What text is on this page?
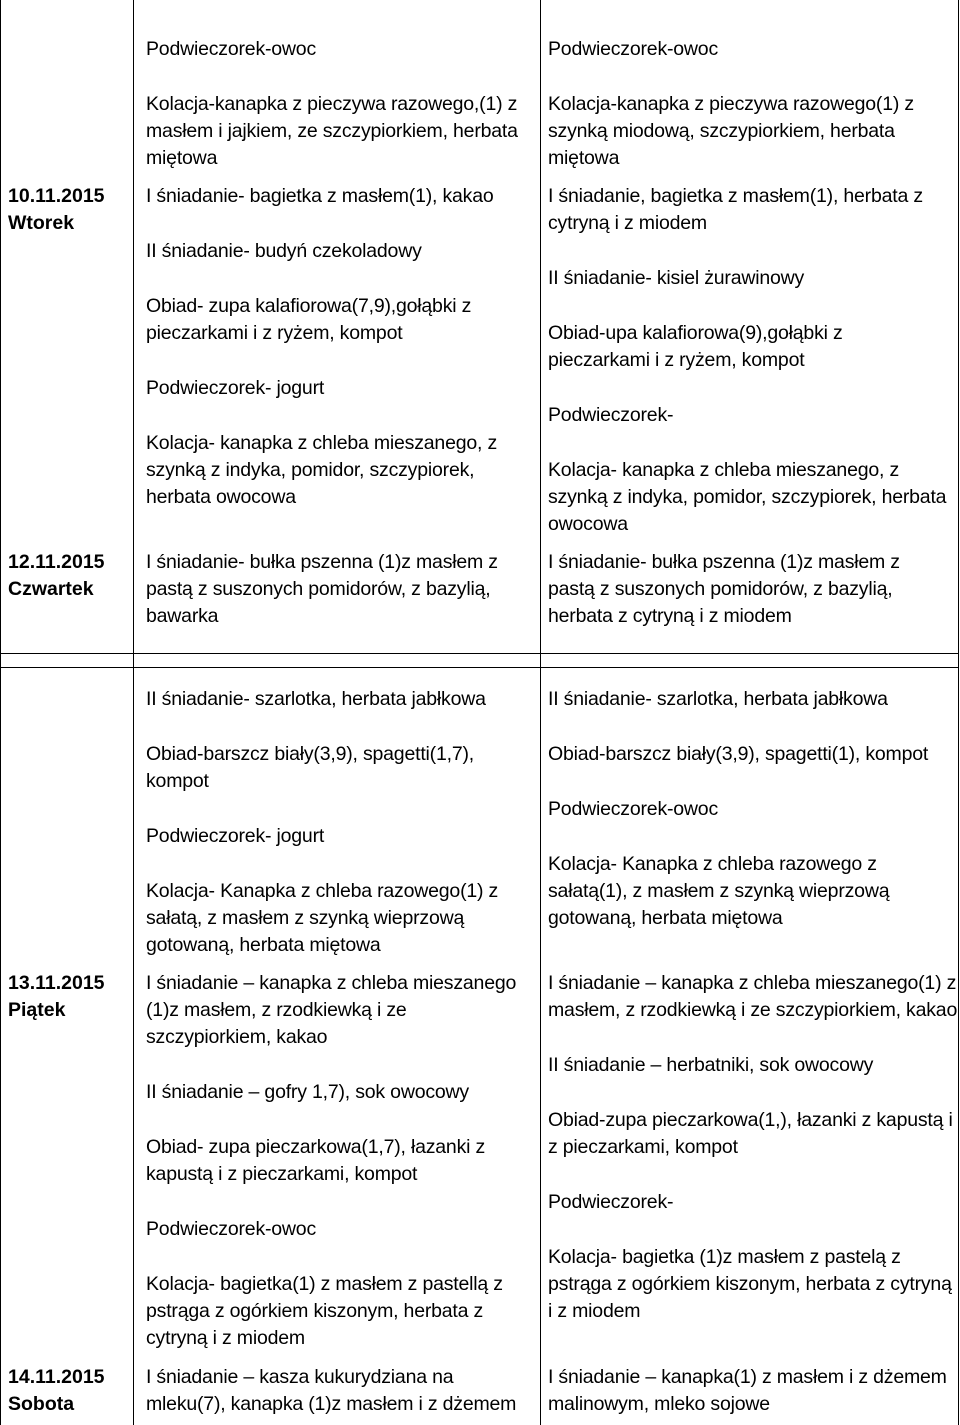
Podwieczorek-owoc

Kolacja-kanapka z pieczywa razowego,(1) z masłem i jajkiem, ze szczypiorkiem, herbata miętowa

Podwieczorek-owoc

Kolacja-kanapka z pieczywa razowego(1) z szynką miodową, szczypiorkiem, herbata miętowa

10.11.2015
Wtorek

I śniadanie- bagietka z masłem(1), kakao

II śniadanie- budyń czekoladowy

Obiad- zupa kalafiorowa(7,9),gołąbki z pieczarkami i z ryżem, kompot

Podwieczorek- jogurt

Kolacja- kanapka z chleba mieszanego, z szynką z indyka, pomidor, szczypiorek, herbata owocowa

I śniadanie, bagietka z masłem(1), herbata z cytryną i z miodem

II śniadanie- kisiel żurawinowy

Obiad-upa kalafiorowa(9),gołąbki z pieczarkami i z ryżem, kompot

Podwieczorek-

Kolacja- kanapka z chleba mieszanego, z szynką z indyka, pomidor, szczypiorek, herbata owocowa

12.11.2015
Czwartek

I śniadanie- bułka pszenna (1)z masłem z pastą z suszonych pomidorów, z bazylią, bawarka

I śniadanie- bułka pszenna (1)z masłem z pastą z suszonych pomidorów, z bazylią, herbata z cytryną i z miodem

II śniadanie- szarlotka, herbata jabłkowa

Obiad-barszcz biały(3,9), spagetti(1,7), kompot

Podwieczorek- jogurt

Kolacja- Kanapka z chleba razowego(1) z sałatą, z masłem z szynką wieprzową gotowaną, herbata miętowa

II śniadanie- szarlotka, herbata jabłkowa

Obiad-barszcz biały(3,9), spagetti(1), kompot

Podwieczorek-owoc

Kolacja- Kanapka z chleba razowego z sałatą(1), z masłem z szynką wieprzową gotowaną, herbata miętowa

13.11.2015
Piątek

I śniadanie – kanapka z chleba mieszanego (1)z masłem, z rzodkiewką i ze szczypiorkiem, kakao

II śniadanie – gofry 1,7), sok owocowy

Obiad- zupa pieczarkowa(1,7), łazanki z kapustą i z pieczarkami, kompot

Podwieczorek-owoc

Kolacja- bagietka(1) z masłem z pastellą z pstrąga z ogórkiem kiszonym, herbata z cytryną i z miodem

I śniadanie – kanapka z chleba mieszanego(1) z masłem, z rzodkiewką i ze szczypiorkiem, kakao

II śniadanie – herbatniki, sok owocowy

Obiad-zupa pieczarkowa(1,), łazanki z kapustą i z pieczarkami, kompot

Podwieczorek-

Kolacja- bagietka (1)z masłem z pastelą z pstrąga z ogórkiem kiszonym, herbata z cytryną i z miodem

14.11.2015
Sobota

I śniadanie – kasza kukurydziana na mleku(7), kanapka (1)z masłem i z dżemem

I śniadanie – kanapka(1) z masłem i z dżemem malinowym, mleko sojowe
